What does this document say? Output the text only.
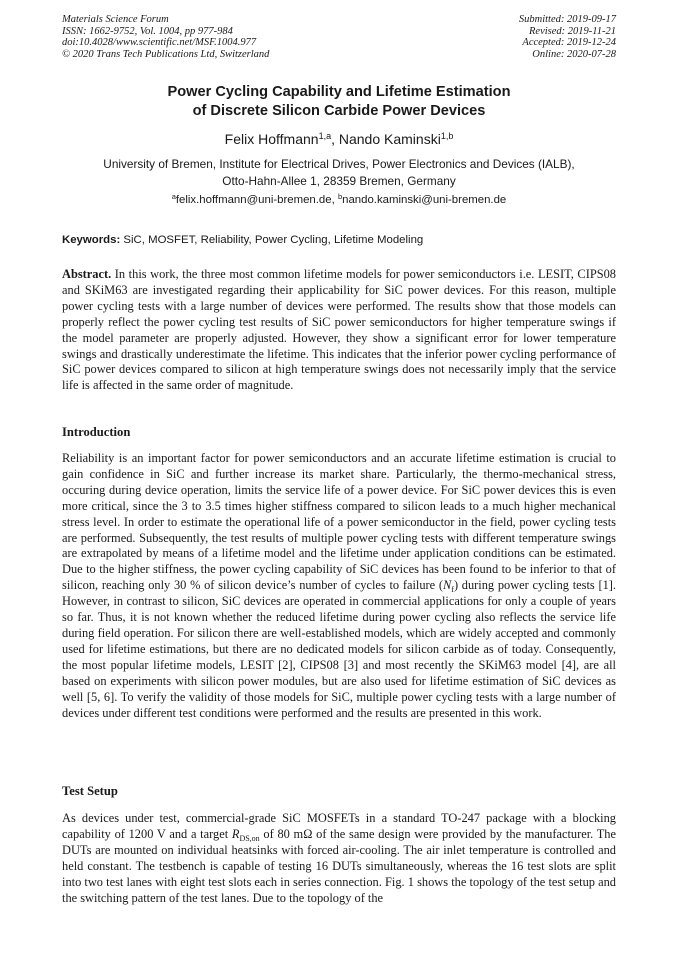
Materials Science Forum
ISSN: 1662-9752, Vol. 1004, pp 977-984
doi:10.4028/www.scientific.net/MSF.1004.977
© 2020 Trans Tech Publications Ltd, Switzerland
Submitted: 2019-09-17
Revised: 2019-11-21
Accepted: 2019-12-24
Online: 2020-07-28
Power Cycling Capability and Lifetime Estimation
of Discrete Silicon Carbide Power Devices
Felix Hoffmann$^{1,a}$, Nando Kaminski$^{1,b}$
University of Bremen, Institute for Electrical Drives, Power Electronics and Devices (IALB),
Otto-Hahn-Allee 1, 28359 Bremen, Germany
$^a$felix.hoffmann@uni-bremen.de, $^b$nando.kaminski@uni-bremen.de
Keywords: SiC, MOSFET, Reliability, Power Cycling, Lifetime Modeling

Abstract. In this work, the three most common lifetime models for power semiconductors i.e. LESIT, CIPS08 and SKiM63 are investigated regarding their applicability for SiC power devices. For this reason, multiple power cycling tests with a large number of devices were performed. The results show that those models can properly reflect the power cycling test results of SiC power semiconductors for higher temperature swings if the model parameter are properly adjusted. However, they show a significant error for lower temperature swings and drastically underestimate the lifetime. This indicates that the inferior power cycling performance of SiC power devices compared to silicon at high temperature swings does not necessarily imply that the service life is affected in the same order of magnitude.

Introduction

Reliability is an important factor for power semiconductors and an accurate lifetime estimation is crucial to gain confidence in SiC and further increase its market share. Particularly, the thermo-mechanical stress, occuring during device operation, limits the service life of a power device. For SiC power devices this is even more critical, since the 3 to 3.5 times higher stiffness compared to silicon leads to a much higher mechanical stress level. In order to estimate the operational life of a power semiconductor in the field, power cycling tests are performed. Subsequently, the test results of multiple power cycling tests with different temperature swings are extrapolated by means of a lifetime model and the lifetime under application conditions can be estimated. Due to the higher stiffness, the power cycling capability of SiC devices has been found to be inferior to that of silicon, reaching only 30 % of silicon device’s number of cycles to failure $(N_f)$ during power cycling tests [1]. However, in contrast to silicon, SiC devices are operated in commercial applications for only a couple of years so far. Thus, it is not known whether the reduced lifetime during power cycling also reflects the service life during field operation. For silicon there are well-established models, which are widely accepted and commonly used for lifetime estimations, but there are no dedicated models for silicon carbide as of today. Consequently, the most popular lifetime models, LESIT [2], CIPS08 [3] and most recently the SKiM63 model [4], are all based on experiments with silicon power modules, but are also used for lifetime estimation of SiC devices as well [5, 6]. To verify the validity of those models for SiC, multiple power cycling tests with a large number of devices under different test conditions were performed and the results are presented in this work.

Test Setup

As devices under test, commercial-grade SiC MOSFETs in a standard TO-247 package with a blocking capability of 1200 V and a target $R_{DS,on}$ of 80 mΩ of the same design were provided by the manufacturer. The DUTs are mounted on individual heatsinks with forced air-cooling. The air inlet temperature is controlled and held constant. The testbench is capable of testing 16 DUTs simultaneously, whereas the 16 test slots are split into two test lanes with eight test slots each in series connection. Fig. 1 shows the topology of the test setup and the switching pattern of the test lanes. Due to the topology of the
